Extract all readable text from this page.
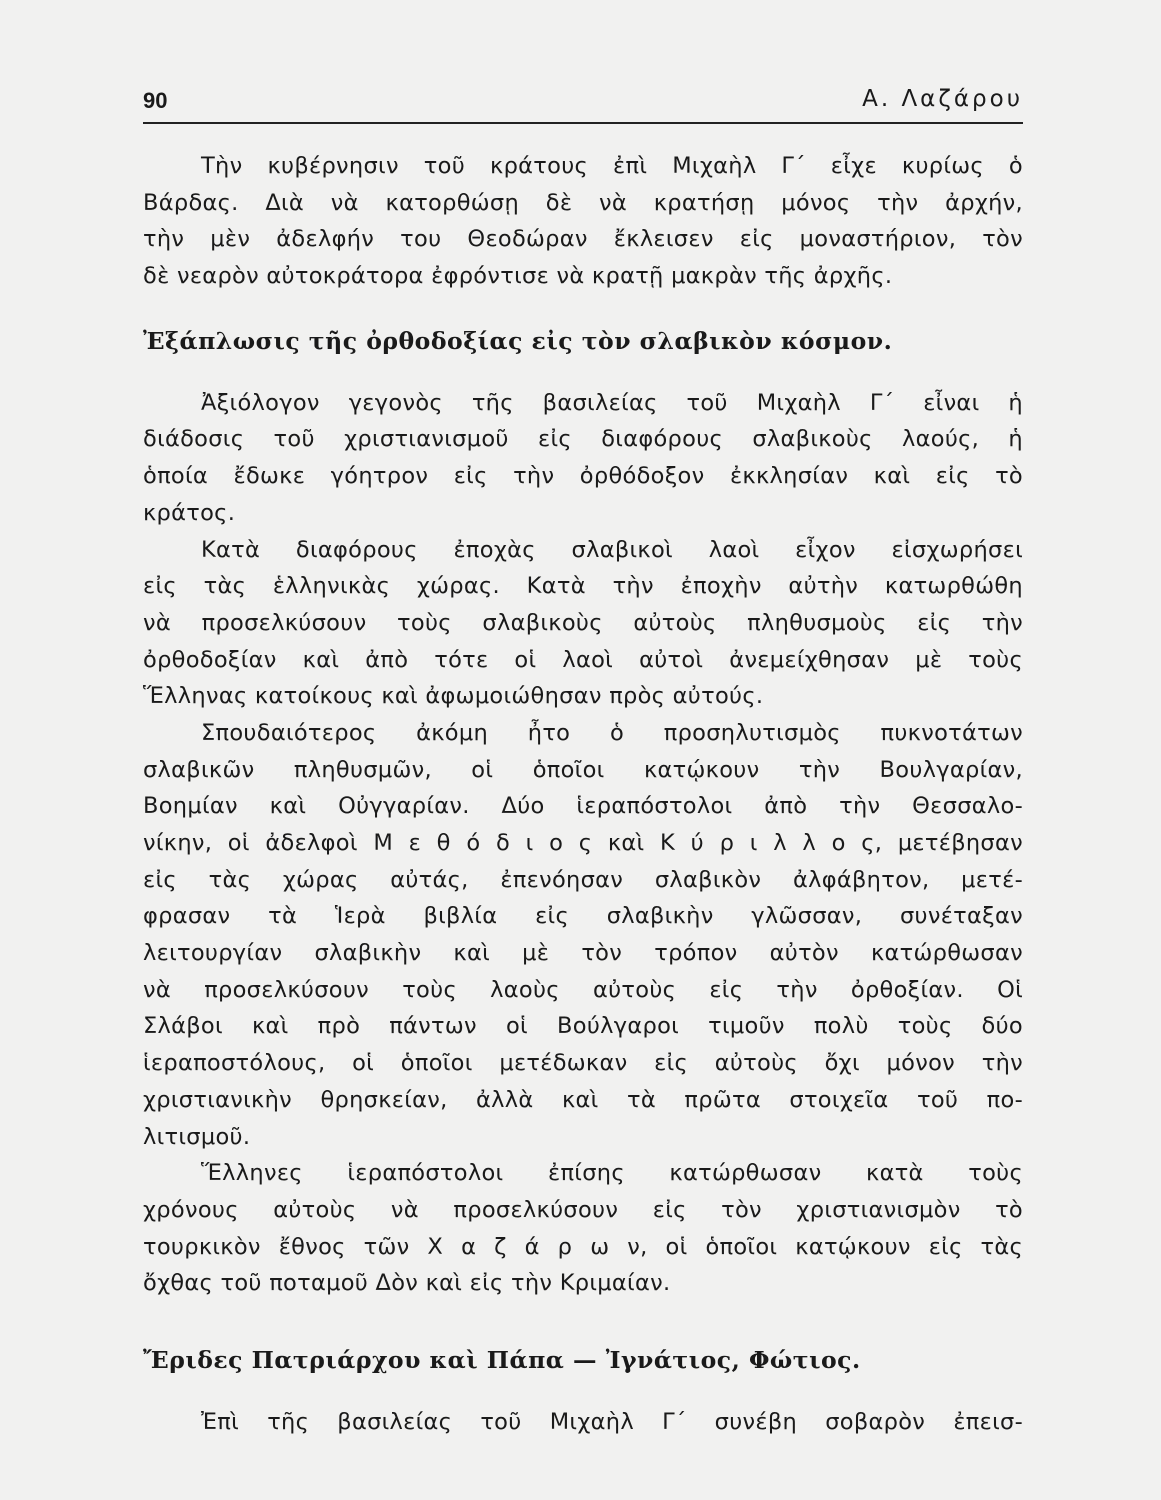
90	Α. Λαζάρου
Τὴν κυβέρνησιν τοῦ κράτους ἐπὶ Μιχαὴλ Γ΄ εἶχε κυρίως ὁ
Βάρδας. Διὰ νὰ κατορθώσῃ δὲ νὰ κρατήσῃ μόνος τὴν ἀρχήν,
τὴν μὲν ἀδελφήν του Θεοδώραν ἔκλεισεν εἰς μοναστήριον, τὸν
δὲ νεαρὸν αὐτοκράτορα ἐφρόντισε νὰ κρατῇ μακρὰν τῆς ἀρχῆς.
Ἐξάπλωσις τῆς ὀρθοδοξίας εἰς τὸν σλαβικὸν κόσμον.
Ἀξιόλογον γεγονὸς τῆς βασιλείας τοῦ Μιχαὴλ Γ΄ εἶναι ἡ
διάδοσις τοῦ χριστιανισμοῦ εἰς διαφόρους σλαβικοὺς λαούς, ἡ
ὁποία ἔδωκε γόητρον εἰς τὴν ὀρθόδοξον ἐκκλησίαν καὶ εἰς τὸ
κράτος.
Κατὰ διαφόρους ἐποχὰς σλαβικοὶ λαοὶ εἶχον εἰσχωρήσει
εἰς τὰς ἑλληνικὰς χώρας. Κατὰ τὴν ἐποχὴν αὐτὴν κατωρθώθη
νὰ προσελκύσουν τοὺς σλαβικοὺς αὐτοὺς πληθυσμοὺς εἰς τὴν
ὀρθοδοξίαν καὶ ἀπὸ τότε οἱ λαοὶ αὐτοὶ ἀνεμείχθησαν μὲ τοὺς
Ἕλληνας κατοίκους καὶ ἀφωμοιώθησαν πρὸς αὐτούς.
Σπουδαιότερος ἀκόμη ἦτο ὁ προσηλυτισμὸς πυκνοτάτων
σλαβικῶν πληθυσμῶν, οἱ ὁποῖοι κατῴκουν τὴν Βουλγαρίαν,
Βοημίαν καὶ Οὐγγαρίαν. Δύο ἱεραπόστολοι ἀπὸ τὴν Θεσσαλο-
νίκην, οἱ ἀδελφοὶ Μ ε θ ό δ ι ο ς καὶ Κ ύ ρ ι λ λ ο ς, μετέβησαν
εἰς τὰς χώρας αὐτάς, ἐπενόησαν σλαβικὸν ἀλφάβητον, μετέ-
φρασαν τὰ Ἱερὰ βιβλία εἰς σλαβικὴν γλῶσσαν, συνέταξαν
λειτουργίαν σλαβικὴν καὶ μὲ τὸν τρόπον αὐτὸν κατώρθωσαν
νὰ προσελκύσουν τοὺς λαοὺς αὐτοὺς εἰς τὴν ὀρθοξίαν. Οἱ
Σλάβοι καὶ πρὸ πάντων οἱ Βούλγαροι τιμοῦν πολὺ τοὺς δύο
ἱεραποστόλους, οἱ ὁποῖοι μετέδωκαν εἰς αὐτοὺς ὄχι μόνον τὴν
χριστιανικὴν θρησκείαν, ἀλλὰ καὶ τὰ πρῶτα στοιχεῖα τοῦ πο-
λιτισμοῦ.
Ἕλληνες ἱεραπόστολοι ἐπίσης κατώρθωσαν κατὰ τοὺς
χρόνους αὐτοὺς νὰ προσελκύσουν εἰς τὸν χριστιανισμὸν τὸ
τουρκικὸν ἔθνος τῶν Χ α ζ ά ρ ω ν, οἱ ὁποῖοι κατῴκουν εἰς τὰς
ὄχθας τοῦ ποταμοῦ Δὸν καὶ εἰς τὴν Κριμαίαν.
Ἔριδες Πατριάρχου καὶ Πάπα — Ἰγνάτιος, Φώτιος.
Ἐπὶ τῆς βασιλείας τοῦ Μιχαὴλ Γ΄ συνέβη σοβαρὸν ἐπεισ-
